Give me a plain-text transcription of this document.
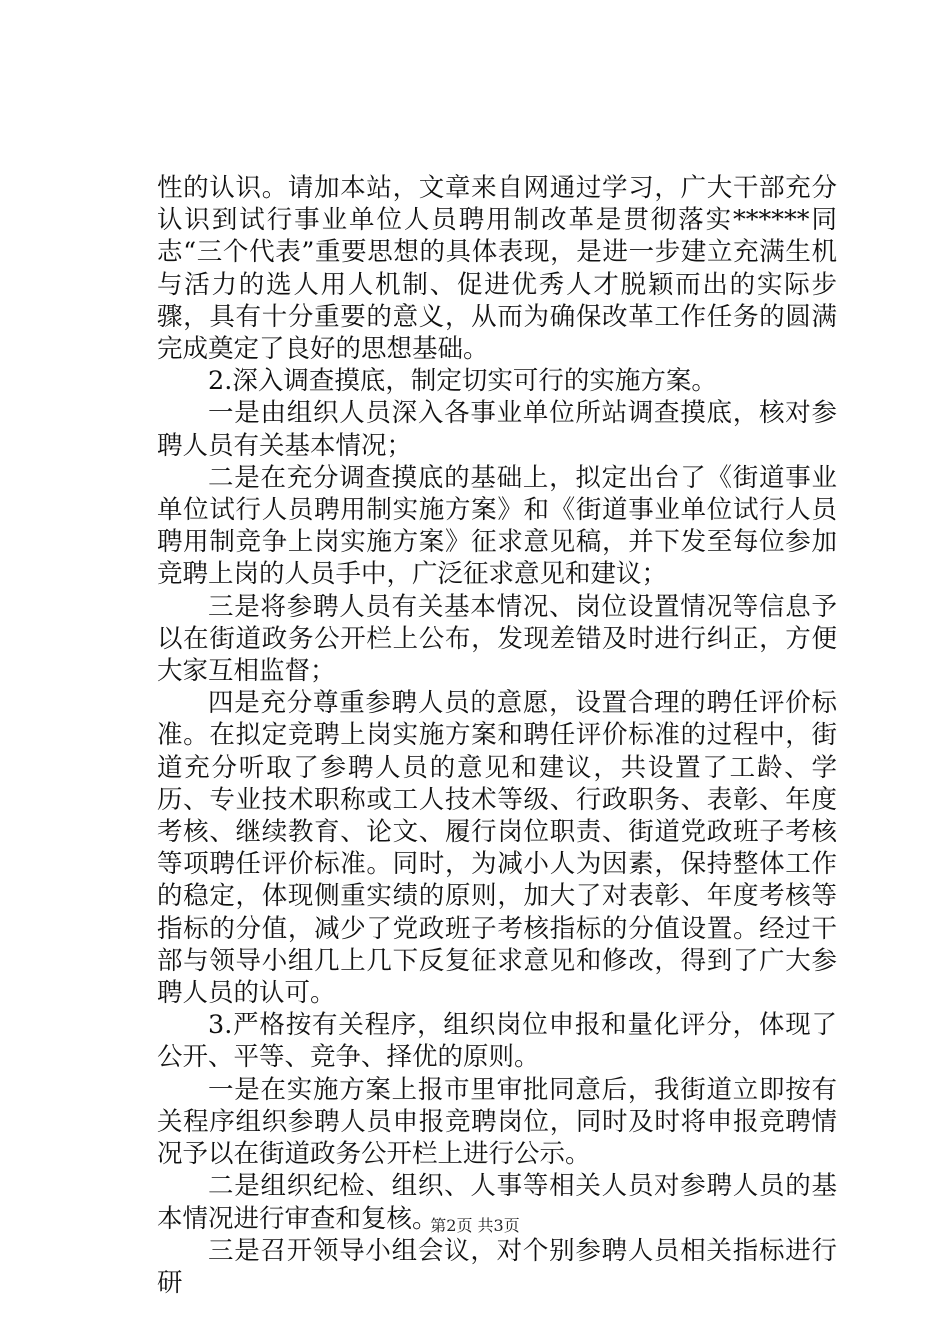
性的认识。请加本站，文章来自网通过学习，广大干部充分认识到试行事业单位人员聘用制改革是贯彻落实******同志“三个代表”重要思想的具体表现，是进一步建立充满生机与活力的选人用人机制、促进优秀人才脱颖而出的实际步骤，具有十分重要的意义，从而为确保改革工作任务的圆满完成奠定了良好的思想基础。

2.深入调查摸底，制定切实可行的实施方案。

一是由组织人员深入各事业单位所站调查摸底，核对参聘人员有关基本情况；

二是在充分调查摸底的基础上，拟定出台了《街道事业单位试行人员聘用制实施方案》和《街道事业单位试行人员聘用制竞争上岗实施方案》征求意见稿，并下发至每位参加竞聘上岗的人员手中，广泛征求意见和建议；

三是将参聘人员有关基本情况、岗位设置情况等信息予以在街道政务公开栏上公布，发现差错及时进行纠正，方便大家互相监督；

四是充分尊重参聘人员的意愿，设置合理的聘任评价标准。在拟定竞聘上岗实施方案和聘任评价标准的过程中，街道充分听取了参聘人员的意见和建议，共设置了工龄、学历、专业技术职称或工人技术等级、行政职务、表彰、年度考核、继续教育、论文、履行岗位职责、街道党政班子考核等项聘任评价标准。同时，为减小人为因素，保持整体工作的稳定，体现侧重实绩的原则，加大了对表彰、年度考核等指标的分值，减少了党政班子考核指标的分值设置。经过干部与领导小组几上几下反复征求意见和修改，得到了广大参聘人员的认可。

3.严格按有关程序，组织岗位申报和量化评分，体现了公开、平等、竞争、择优的原则。

一是在实施方案上报市里审批同意后，我街道立即按有关程序组织参聘人员申报竞聘岗位，同时及时将申报竞聘情况予以在街道政务公开栏上进行公示。

二是组织纪检、组织、人事等相关人员对参聘人员的基本情况进行审查和复核。

三是召开领导小组会议，对个别参聘人员相关指标进行研

第2页 共3页
